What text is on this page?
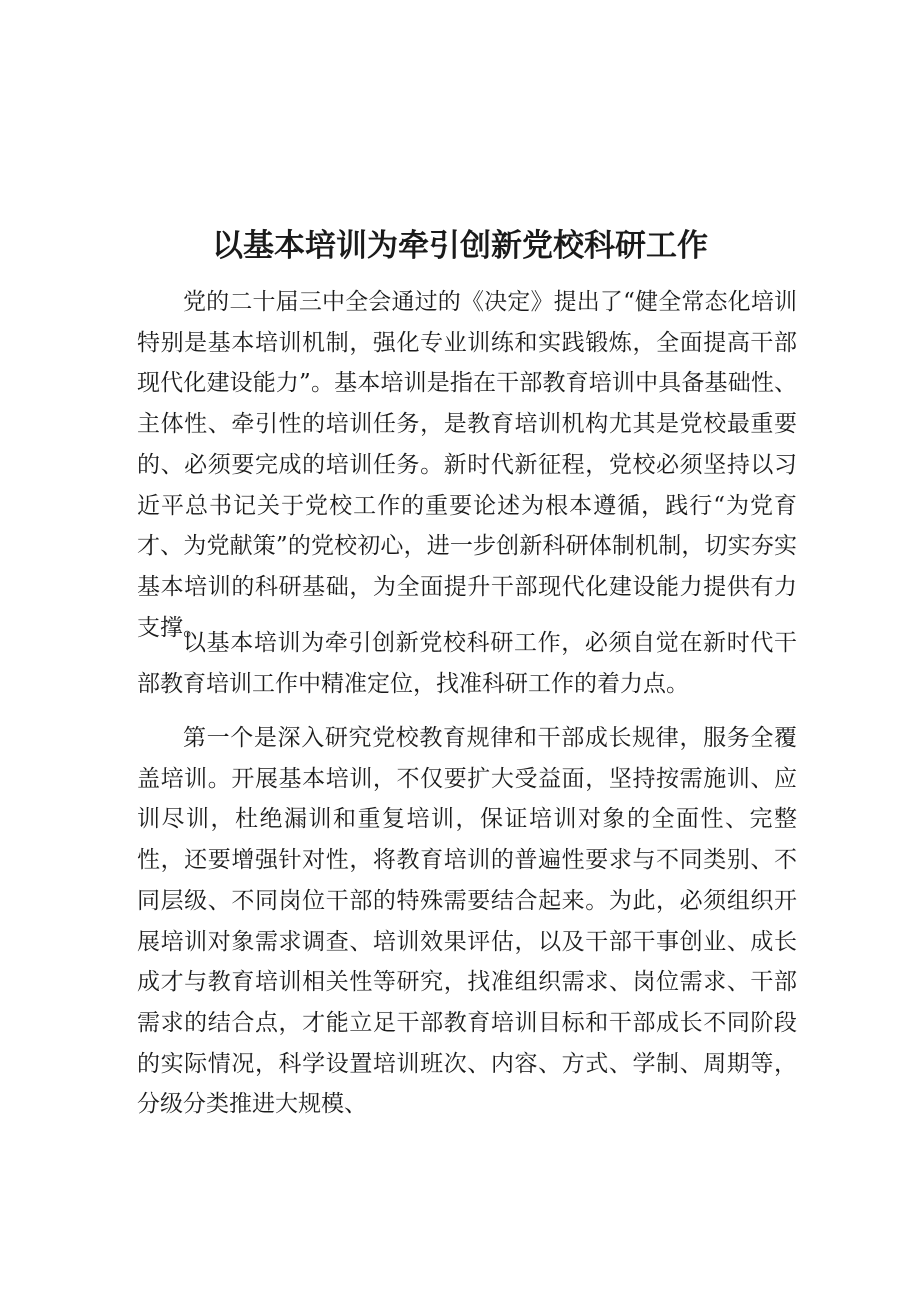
以基本培训为牵引创新党校科研工作

党的二十届三中全会通过的《决定》提出了“健全常态化培训特别是基本培训机制，强化专业训练和实践锻炼，全面提高干部现代化建设能力”。基本培训是指在干部教育培训中具备基础性、主体性、牵引性的培训任务，是教育培训机构尤其是党校最重要的、必须要完成的培训任务。新时代新征程，党校必须坚持以习近平总书记关于党校工作的重要论述为根本遵循，践行“为党育才、为党献策”的党校初心，进一步创新科研体制机制，切实夯实基本培训的科研基础，为全面提升干部现代化建设能力提供有力支撑。

以基本培训为牵引创新党校科研工作，必须自觉在新时代干部教育培训工作中精准定位，找准科研工作的着力点。

第一个是深入研究党校教育规律和干部成长规律，服务全覆盖培训。开展基本培训，不仅要扩大受益面，坚持按需施训、应训尽训，杜绝漏训和重复培训，保证培训对象的全面性、完整性，还要增强针对性，将教育培训的普遍性要求与不同类别、不同层级、不同岗位干部的特殊需要结合起来。为此，必须组织开展培训对象需求调查、培训效果评估，以及干部干事创业、成长成才与教育培训相关性等研究，找准组织需求、岗位需求、干部需求的结合点，才能立足干部教育培训目标和干部成长不同阶段的实际情况，科学设置培训班次、内容、方式、学制、周期等，分级分类推进大规模、
